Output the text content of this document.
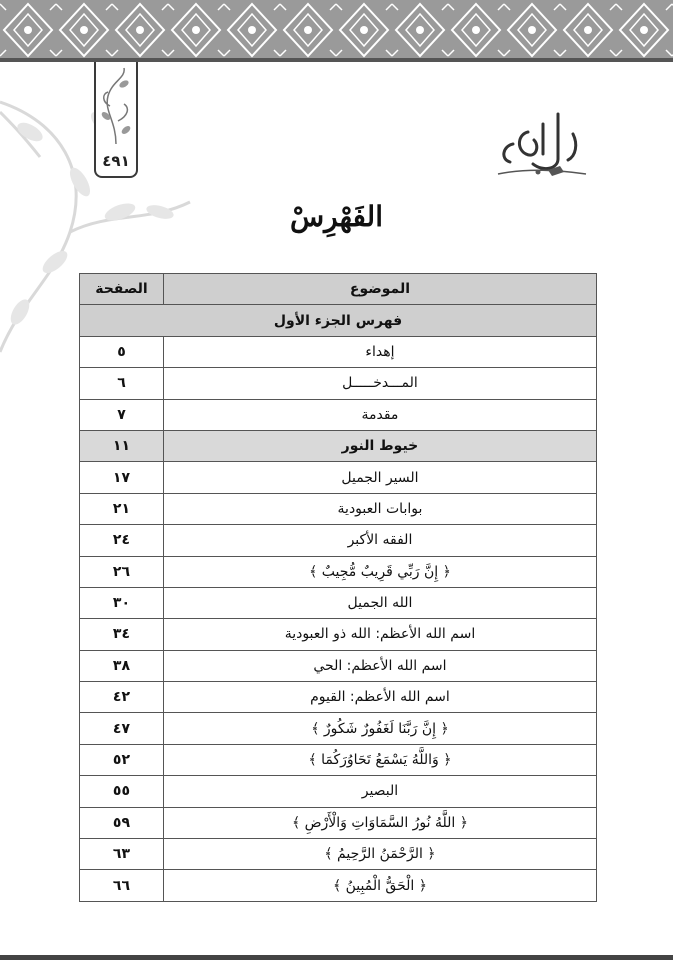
٤٩١
الفَهْرِسْ
الموضوع	الصفحة
فهرس الجزء الأول	
إهداء	٥
المـــدخـــــل	٦
مقدمة	٧
خيوط النور	١١
السير الجميل	١٧
بوابات العبودية	٢١
الفقه الأكبر	٢٤
﴿ إِنَّ رَبِّي قَرِيبٌ مُّجِيبٌ ﴾	٢٦
الله الجميل	٣٠
اسم الله الأعظم: الله ذو العبودية	٣٤
اسم الله الأعظم: الحي	٣٨
اسم الله الأعظم: القيوم	٤٢
﴿ إِنَّ رَبَّنَا لَغَفُورٌ شَكُورٌ ﴾	٤٧
﴿ وَاللَّهُ يَسْمَعُ تَحَاوُرَكُمَا ﴾	٥٢
البصير	٥٥
﴿ اللَّهُ نُورُ السَّمَاوَاتِ وَالْأَرْضِ ﴾	٥٩
﴿ الرَّحْمَنُ الرَّحِيمُ ﴾	٦٣
﴿ الْحَقُّ الْمُبِينُ ﴾	٦٦
